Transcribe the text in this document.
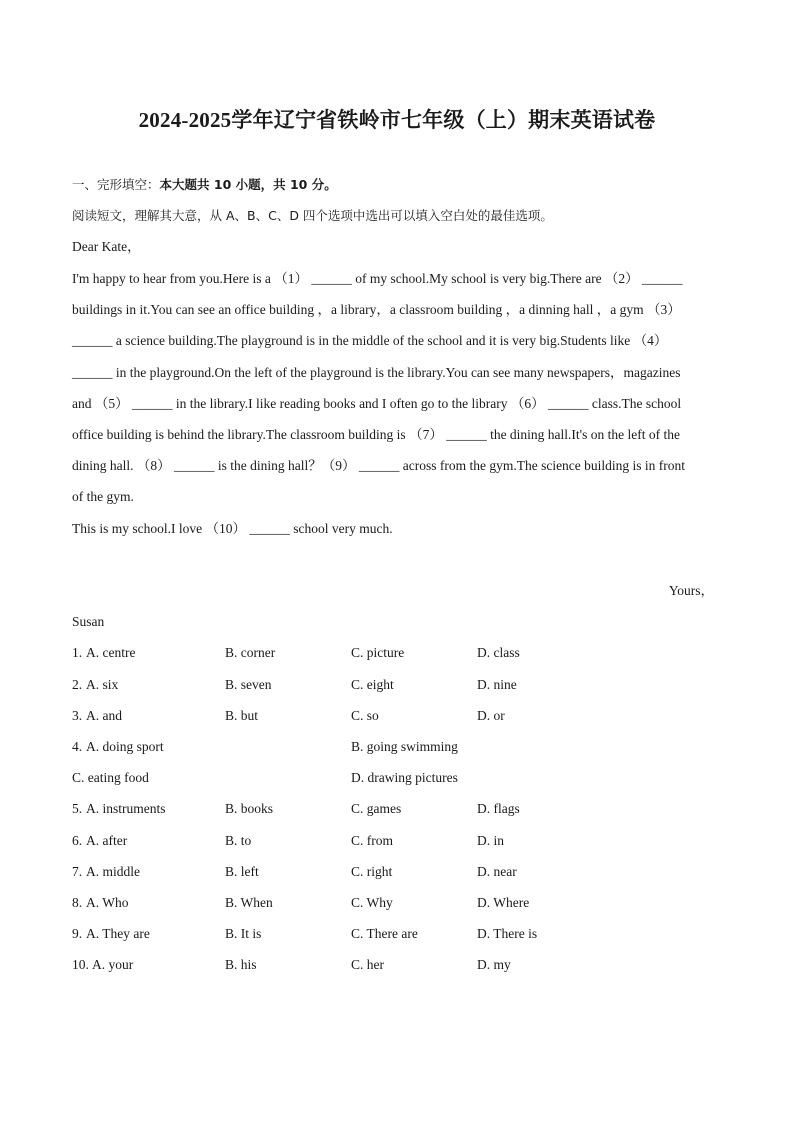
2024-2025学年辽宁省铁岭市七年级（上）期末英语试卷
一、完形填空：本大题共 10 小题，共 10 分。
阅读短文，理解其大意，从 A、B、C、D 四个选项中选出可以填入空白处的最佳选项。
Dear Kate，
I'm happy to hear from you.Here is a （1） ______ of my school.My school is very big.There are （2） ______
buildings in it.You can see an office building ，a library，a classroom building ，a dinning hall ，a gym （3）
______ a science building.The playground is in the middle of the school and it is very big.Students like （4）
______ in the playground.On the left of the playground is the library.You can see many newspapers，magazines
and （5） ______ in the library.I like reading books and I often go to the library （6） ______ class.The school
office building is behind the library.The classroom building is （7） ______ the dining hall.It's on the left of the
dining hall. （8） ______ is the dining hall？（9） ______ across from the gym.The science building is in front
of the gym.
This is my school.I love （10） ______ school very much.
Yours，
Susan
1. A. centre	B. corner	C. picture	D. class
2. A. six	B. seven	C. eight	D. nine
3. A. and	B. but	C. so	D. or
4. A. doing sport	B. going swimming
C. eating food	D. drawing pictures
5. A. instruments	B. books	C. games	D. flags
6. A. after	B. to	C. from	D. in
7. A. middle	B. left	C. right	D. near
8. A. Who	B. When	C. Why	D. Where
9. A. They are	B. It is	C. There are	D. There is
10. A. your	B. his	C. her	D. my
